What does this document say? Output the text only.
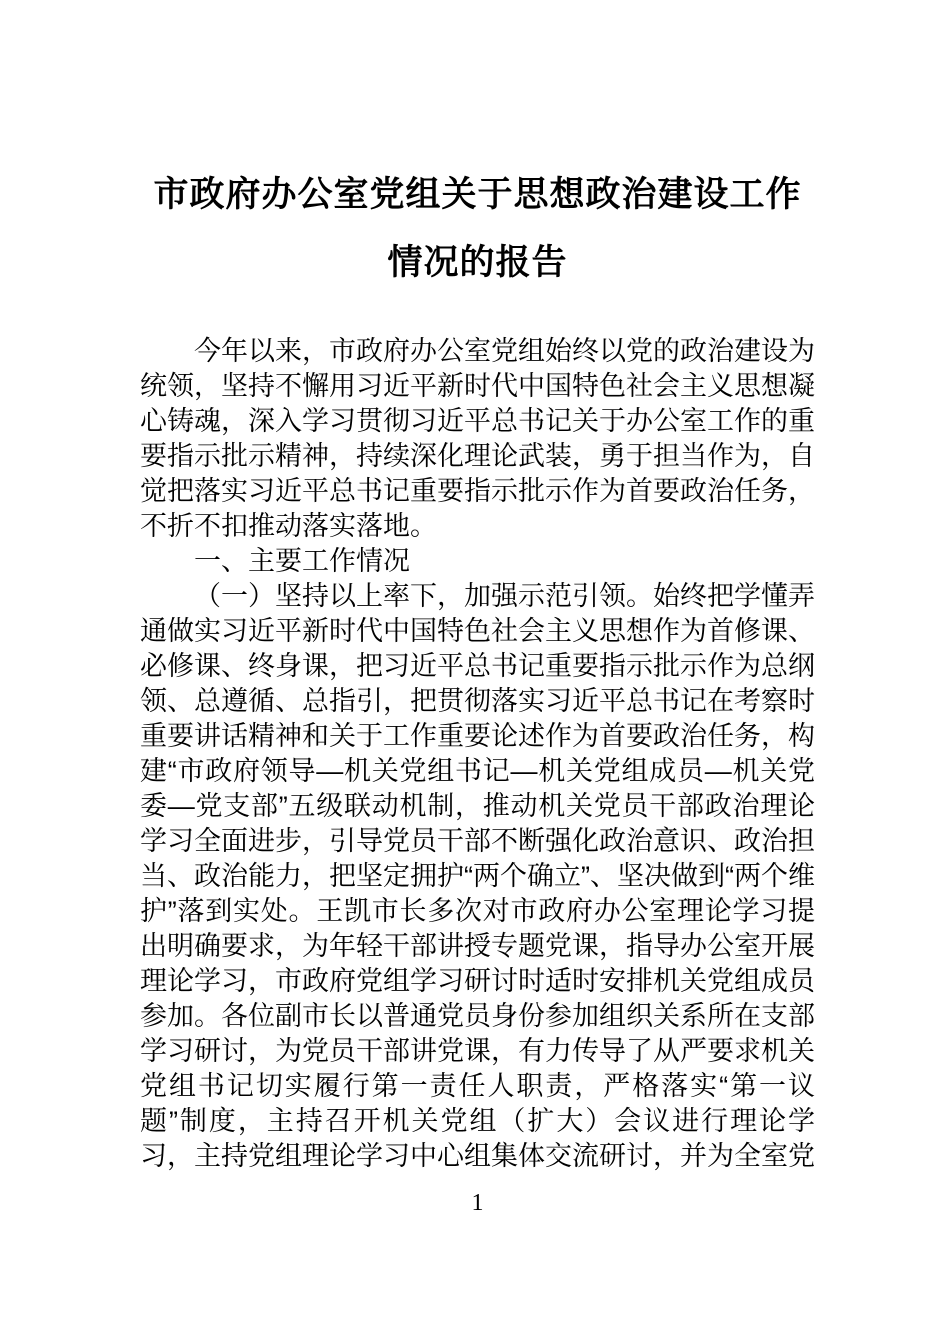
市政府办公室党组关于思想政治建设工作
情况的报告

今年以来，市政府办公室党组始终以党的政治建设为统领，坚持不懈用习近平新时代中国特色社会主义思想凝心铸魂，深入学习贯彻习近平总书记关于办公室工作的重要指示批示精神，持续深化理论武装，勇于担当作为，自觉把落实习近平总书记重要指示批示作为首要政治任务，不折不扣推动落实落地。

一、主要工作情况

（一）坚持以上率下，加强示范引领。始终把学懂弄通做实习近平新时代中国特色社会主义思想作为首修课、必修课、终身课，把习近平总书记重要指示批示作为总纲领、总遵循、总指引，把贯彻落实习近平总书记在考察时重要讲话精神和关于工作重要论述作为首要政治任务，构建“市政府领导—机关党组书记—机关党组成员—机关党委—党支部”五级联动机制，推动机关党员干部政治理论学习全面进步，引导党员干部不断强化政治意识、政治担当、政治能力，把坚定拥护“两个确立”、坚决做到“两个维护”落到实处。王凯市长多次对市政府办公室理论学习提出明确要求，为年轻干部讲授专题党课，指导办公室开展理论学习，市政府党组学习研讨时适时安排机关党组成员参加。各位副市长以普通党员身份参加组织关系所在支部学习研讨，为党员干部讲党课，有力传导了从严要求机关党组书记切实履行第一责任人职责，严格落实“第一议题”制度，主持召开机关党组（扩大）会议进行理论学习，主持党组理论学习中心组集体交流研讨，并为全室党

1
